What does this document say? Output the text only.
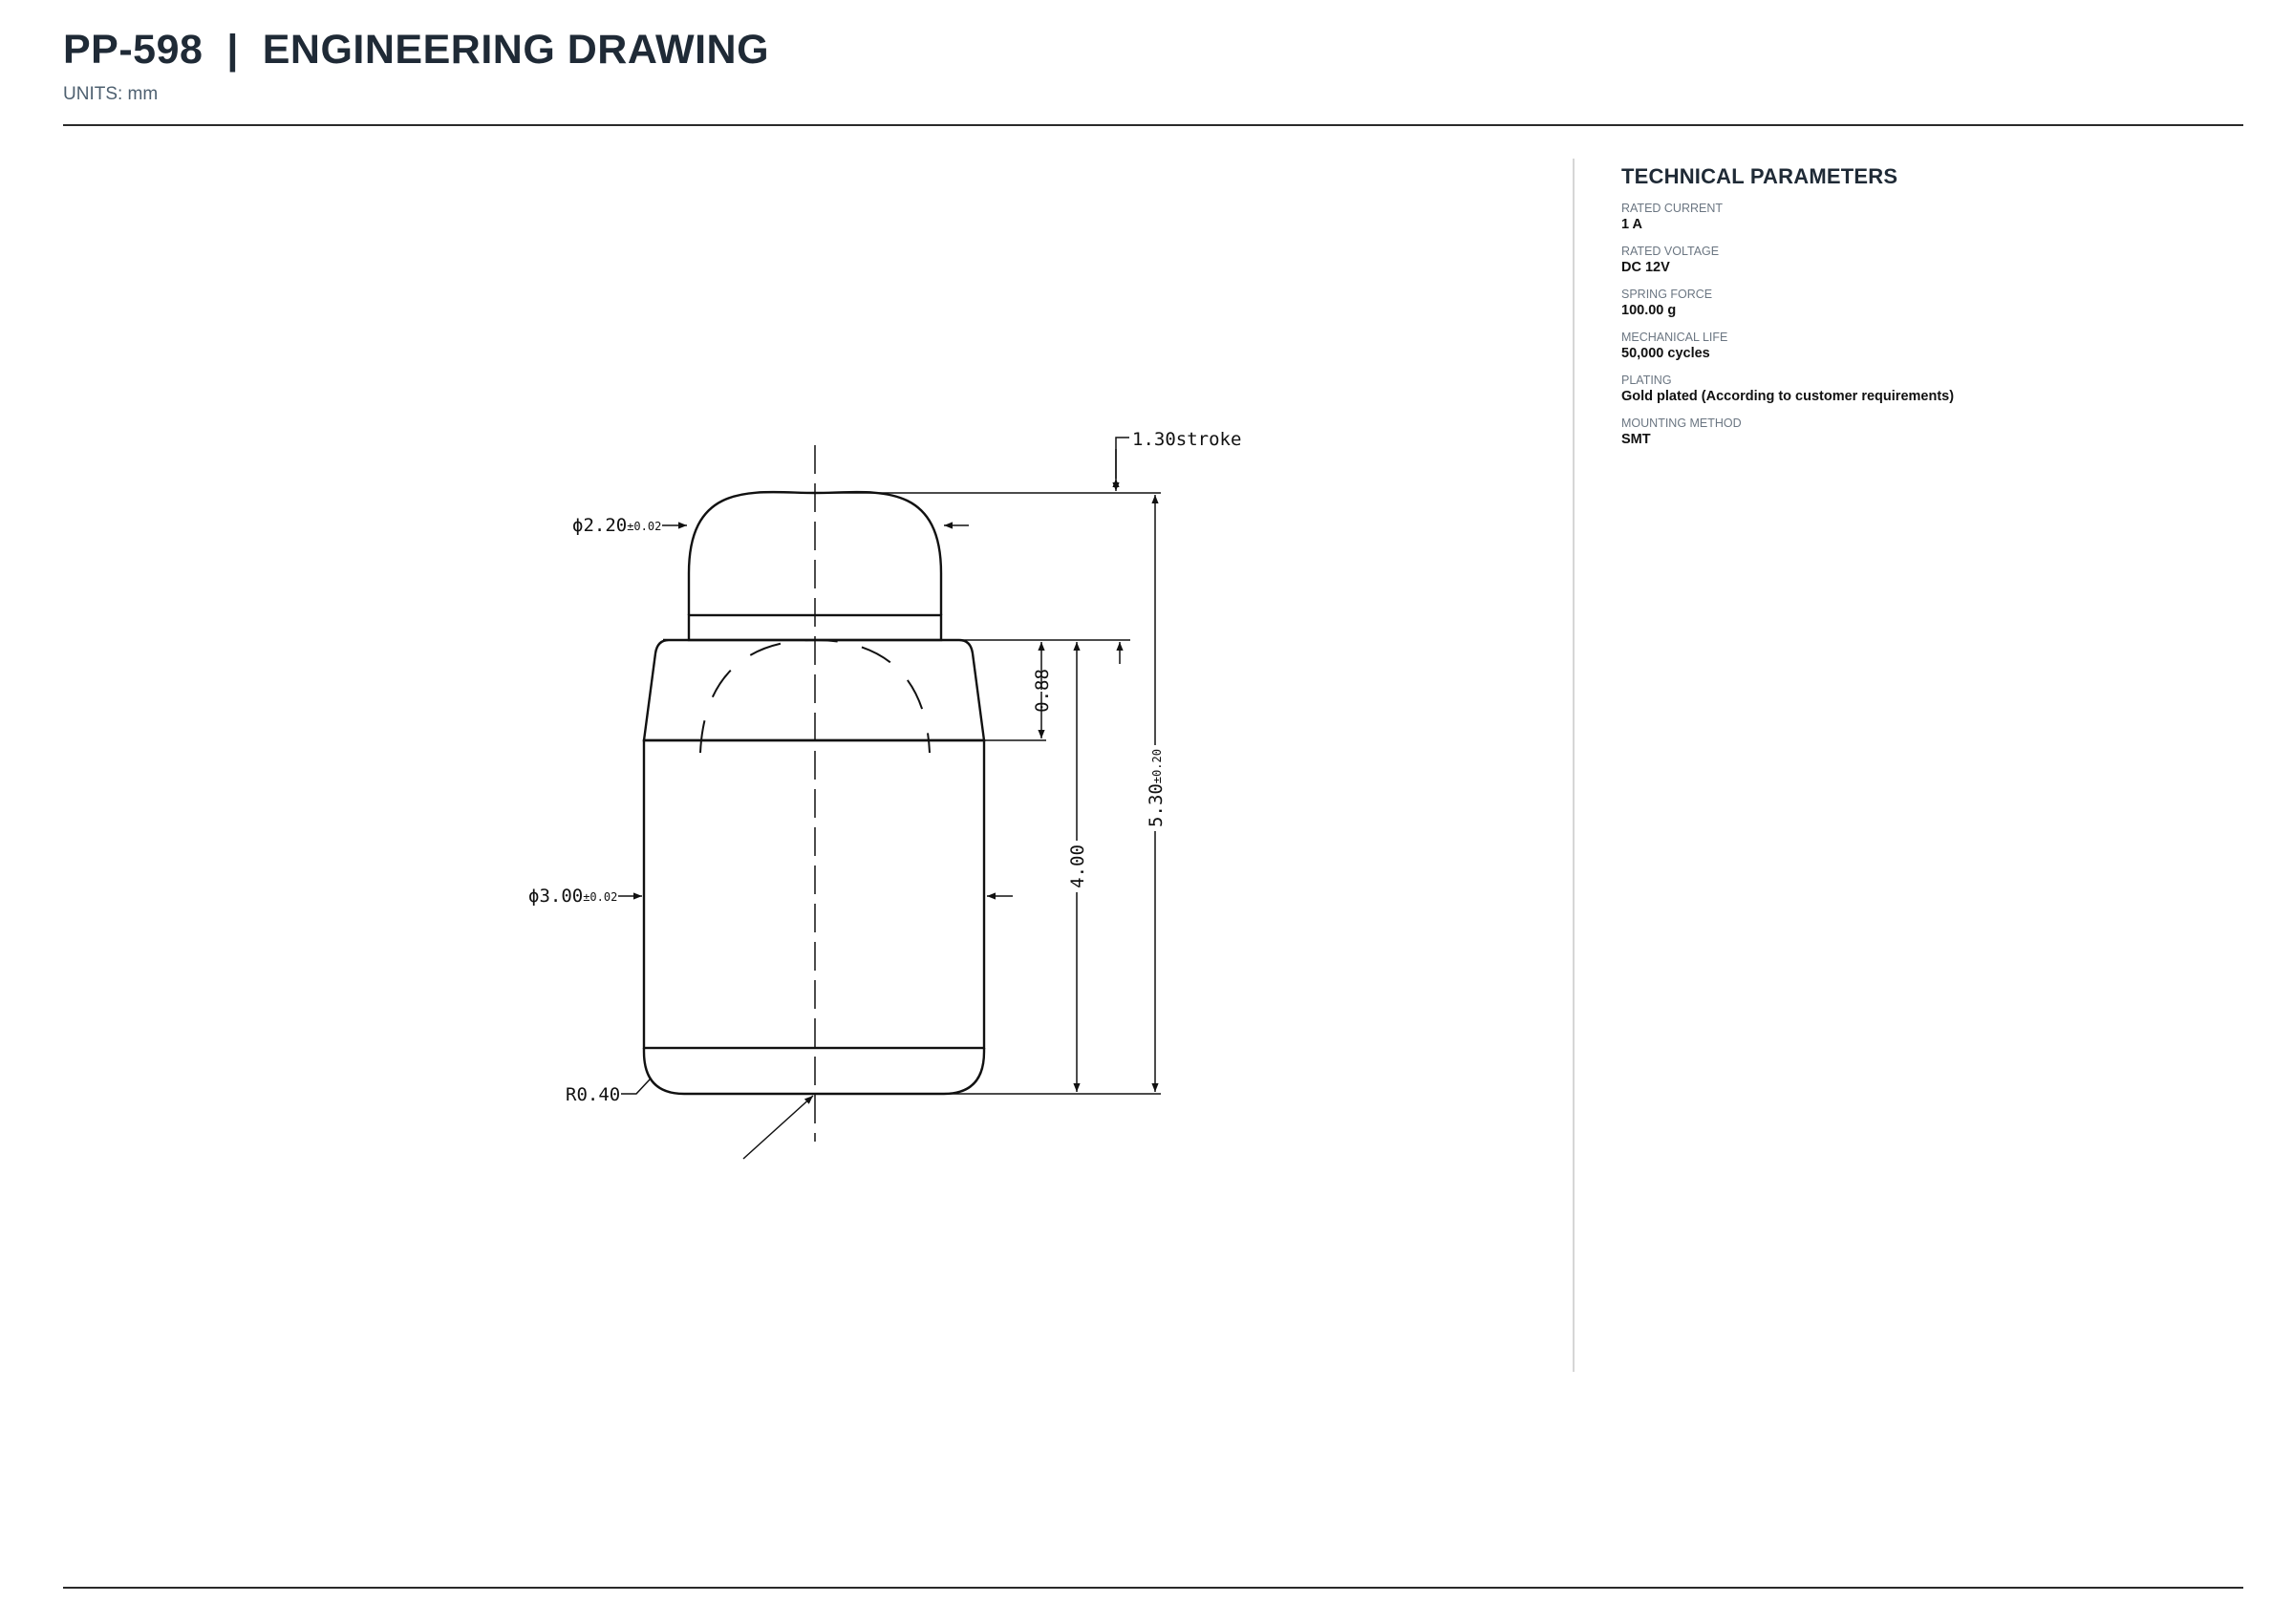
PP-598  |  ENGINEERING DRAWING
UNITS: mm
1.30stroke
ϕ2.20±0.02
ϕ3.00±0.02
R0.40
0.88
4.00
5.30±0.20
TECHNICAL PARAMETERS
RATED CURRENT
1 A
RATED VOLTAGE
DC 12V
SPRING FORCE
100.00 g
MECHANICAL LIFE
50,000 cycles
PLATING
Gold plated (According to customer requirements)
MOUNTING METHOD
SMT
